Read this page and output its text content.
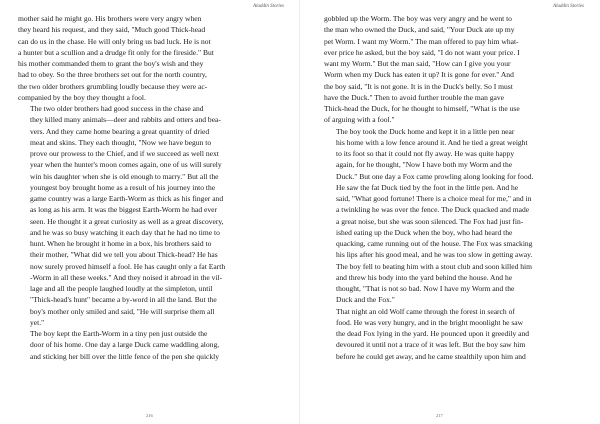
Aladdin Stories

mother said he might go. His brothers were very angry when
they heard his request, and they said, "Much good Thick-head
can do us in the chase. He will only bring us bad luck. He is not
a hunter but a scullion and a drudge fit only for the fireside." But
his mother commanded them to grant the boy's wish and they
had to obey. So the three brothers set out for the north country,
the two older brothers grumbling loudly because they were ac-
companied by the boy they thought a fool.

The two older brothers had good success in the chase and
they killed many animals—deer and rabbits and otters and bea-
vers. And they came home bearing a great quantity of dried
meat and skins. They each thought, "Now we have begun to
prove our prowess to the Chief, and if we succeed as well next
year when the hunter's moon comes again, one of us will surely
win his daughter when she is old enough to marry." But all the
youngest boy brought home as a result of his journey into the
game country was a large Earth-Worm as thick as his finger and
as long as his arm. It was the biggest Earth-Worm he had ever
seen. He thought it a great curiosity as well as a great discovery,
and he was so busy watching it each day that he had no time to
hunt. When he brought it home in a box, his brothers said to
their mother, "What did we tell you about Thick-head? He has
now surely proved himself a fool. He has caught only a fat Earth
-Worm in all these weeks." And they noised it abroad in the vil-
lage and all the people laughed loudly at the simpleton, until
"Thick-head's hunt" became a by-word in all the land. But the
boy's mother only smiled and said, "He will surprise them all
yet."

The boy kept the Earth-Worm in a tiny pen just outside the
door of his home. One day a large Duck came waddling along,
and sticking her bill over the little fence of the pen she quickly

216
Aladdin Stories

gobbled up the Worm. The boy was very angry and he went to
the man who owned the Duck, and said, "Your Duck ate up my
pet Worm. I want my Worm." The man offered to pay him what-
ever price he asked, but the boy said, "I do not want your price. I
want my Worm." But the man said, "How can I give you your
Worm when my Duck has eaten it up? It is gone for ever." And
the boy said, "It is not gone. It is in the Duck's belly. So I must
have the Duck." Then to avoid further trouble the man gave
Thick-head the Duck, for he thought to himself, "What is the use
of arguing with a fool."

The boy took the Duck home and kept it in a little pen near
his home with a low fence around it. And he tied a great weight
to its foot so that it could not fly away. He was quite happy
again, for he thought, "Now I have both my Worm and the
Duck." But one day a Fox came prowling along looking for food.
He saw the fat Duck tied by the foot in the little pen. And he
said, "What good fortune! There is a choice meal for me," and in
a twinkling he was over the fence. The Duck quacked and made
a great noise, but she was soon silenced. The Fox had just fin-
ished eating up the Duck when the boy, who had heard the
quacking, came running out of the house. The Fox was smacking
his lips after his good meal, and he was too slow in getting away.
The boy fell to beating him with a stout club and soon killed him
and threw his body into the yard behind the house. And he
thought, "That is not so bad. Now I have my Worm and the
Duck and the Fox."

That night an old Wolf came through the forest in search of
food. He was very hungry, and in the bright moonlight he saw
the dead Fox lying in the yard. He pounced upon it greedily and
devoured it until not a trace of it was left. But the boy saw him
before he could get away, and he came stealthily upon him and

217
